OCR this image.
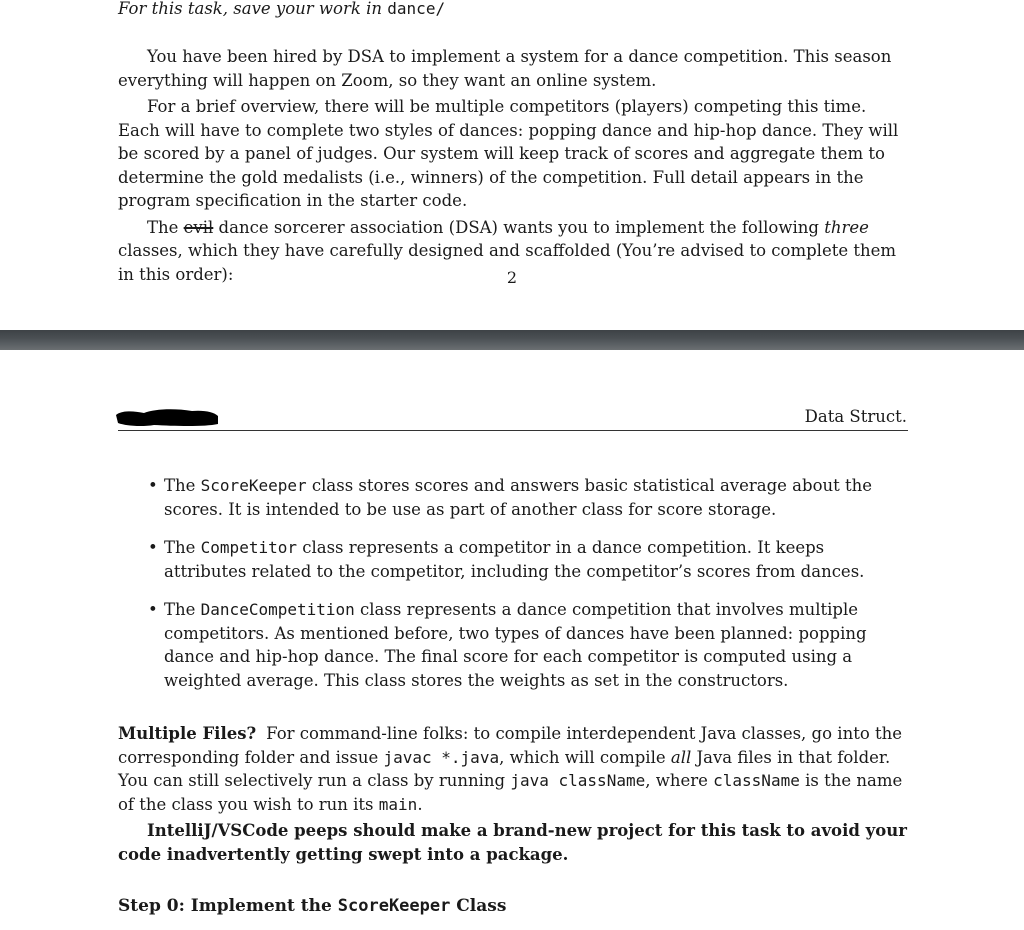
For this task, save your work in dance/

You have been hired by DSA to implement a system for a dance competition. This season everything will happen on Zoom, so they want an online system.

For a brief overview, there will be multiple competitors (players) competing this time. Each will have to complete two styles of dances: popping dance and hip-hop dance. They will be scored by a panel of judges. Our system will keep track of scores and aggregate them to determine the gold medalists (i.e., winners) of the competition. Full detail appears in the program specification in the starter code.

The evil dance sorcerer association (DSA) wants you to implement the following three classes, which they have carefully designed and scaffolded (You’re advised to complete them in this order):	2
Data Struct.
• The ScoreKeeper class stores scores and answers basic statistical average about the scores. It is intended to be use as part of another class for score storage.
• The Competitor class represents a competitor in a dance competition. It keeps attributes related to the competitor, including the competitor’s scores from dances.
• The DanceCompetition class represents a dance competition that involves multiple competitors. As mentioned before, two types of dances have been planned: popping dance and hip-hop dance. The final score for each competitor is computed using a weighted average. This class stores the weights as set in the constructors.

Multiple Files? For command-line folks: to compile interdependent Java classes, go into the corresponding folder and issue javac *.java, which will compile all Java files in that folder. You can still selectively run a class by running java className, where className is the name of the class you wish to run its main.

IntelliJ/VSCode peeps should make a brand-new project for this task to avoid your code inadvertently getting swept into a package.

Step 0: Implement the ScoreKeeper Class
